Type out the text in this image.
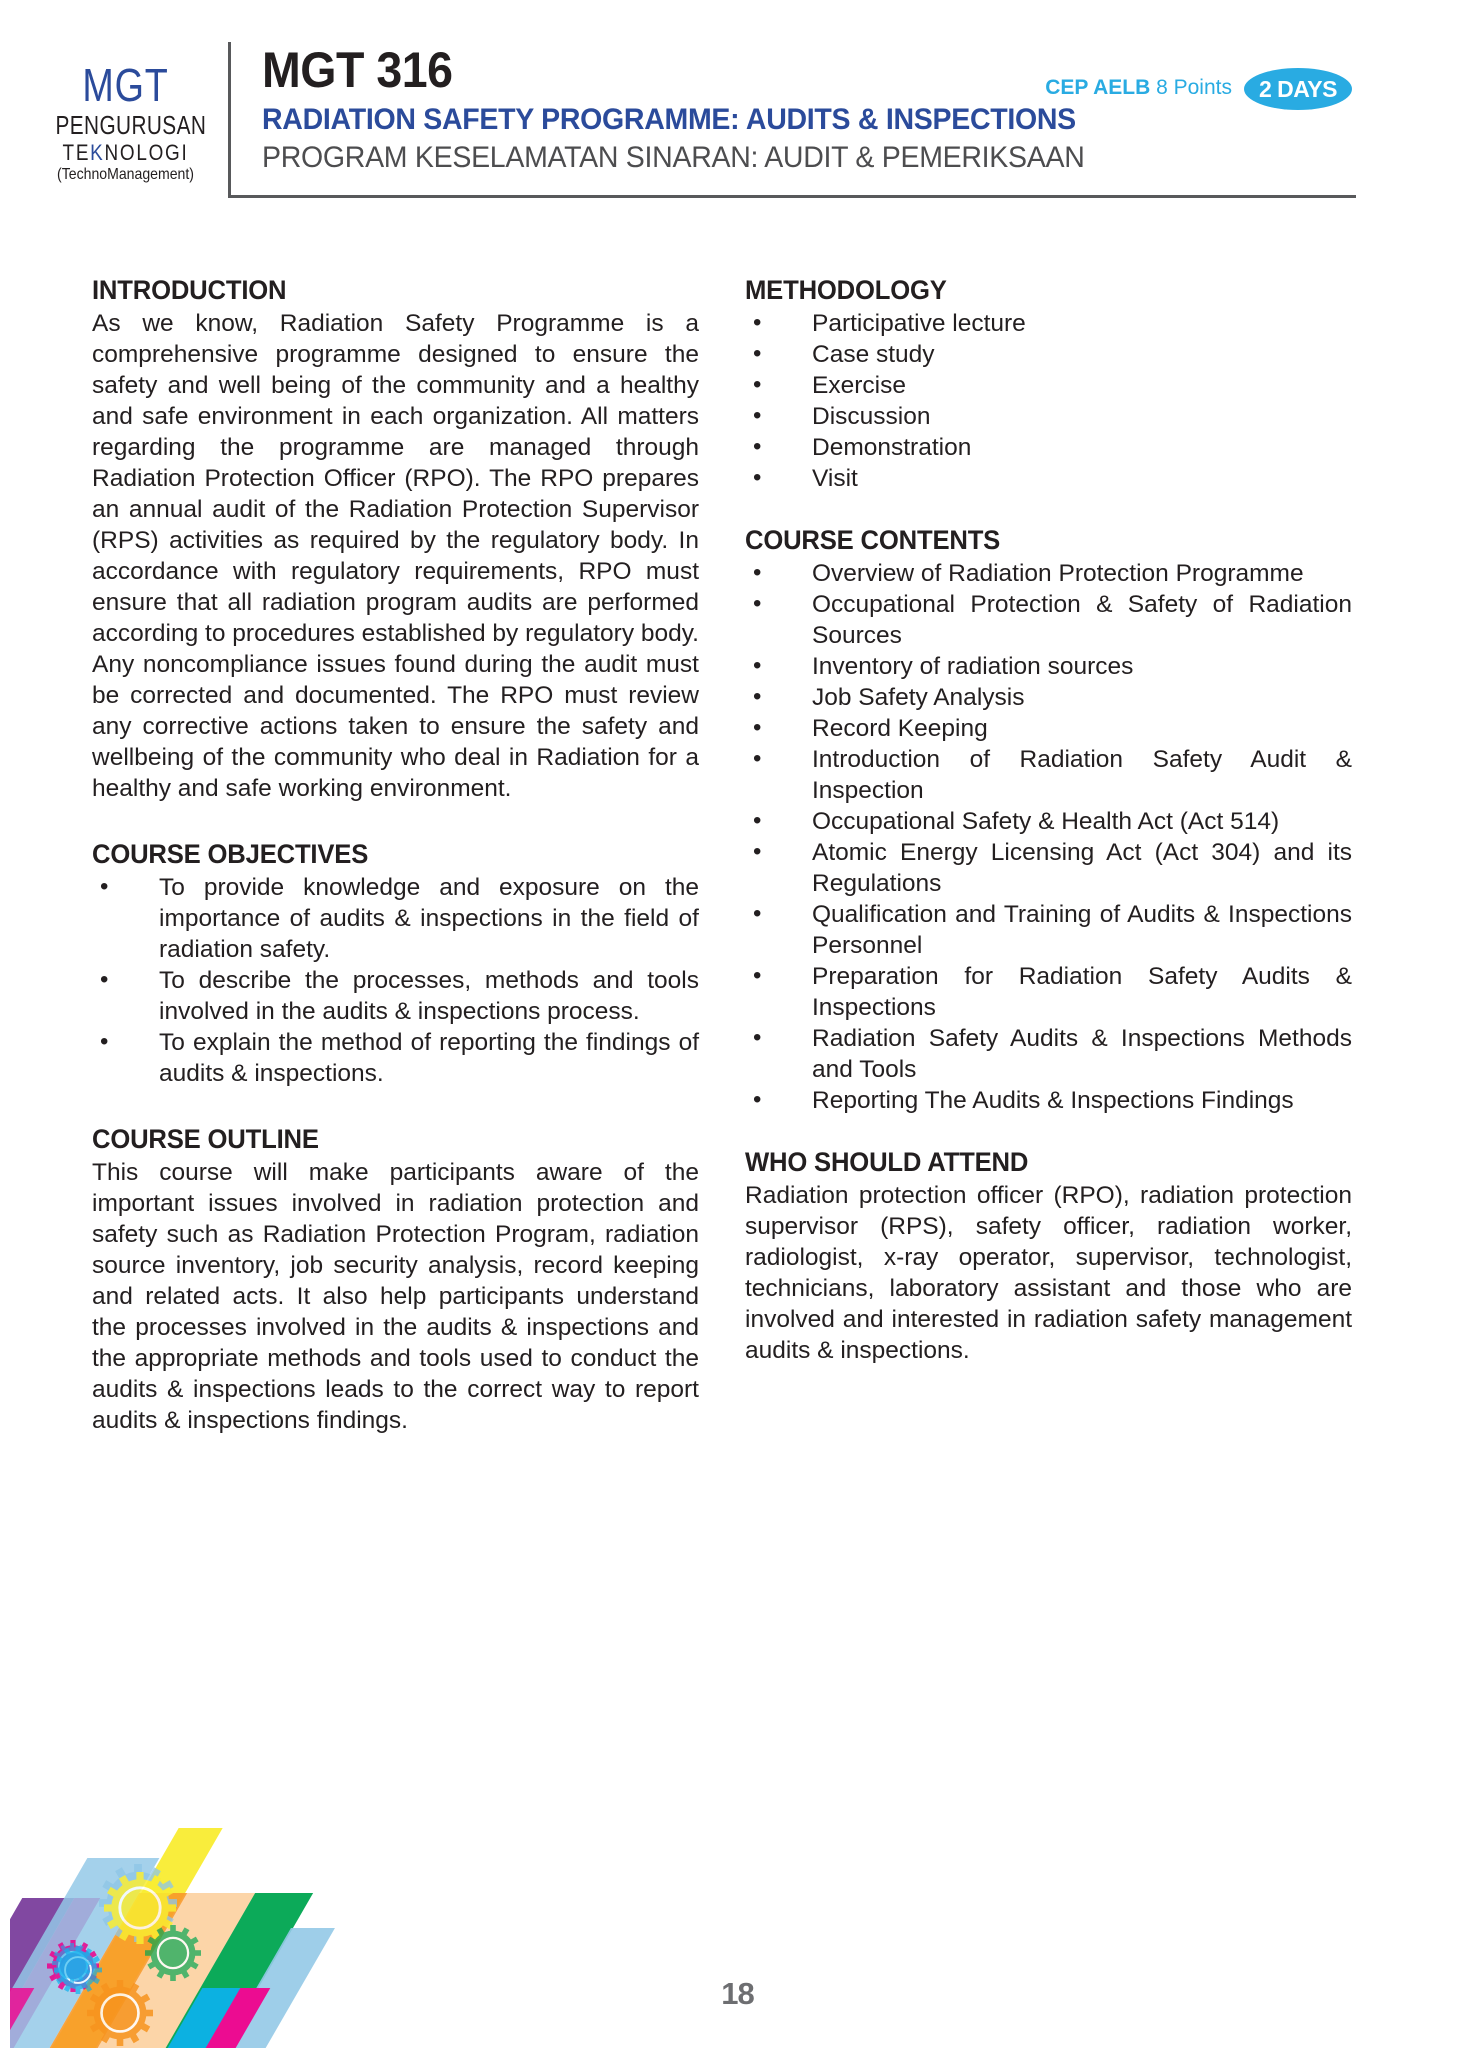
MGT
PENGURUSAN
TEKNOLOGI
(TechnoManagement)
MGT 316
RADIATION SAFETY PROGRAMME: AUDITS & INSPECTIONS
PROGRAM KESELAMATAN SINARAN: AUDIT & PEMERIKSAAN
CEP AELB 8 Points	2 DAYS
INTRODUCTION

As we know, Radiation Safety Programme is a comprehensive programme designed to ensure the safety and well being of the community and a healthy and safe environment in each organization. All matters regarding the programme are managed through Radiation Protection Officer (RPO). The RPO prepares an annual audit of the Radiation Protection Supervisor (RPS) activities as required by the regulatory body. In accordance with regulatory requirements, RPO must ensure that all radiation program audits are performed according to procedures established by regulatory body. Any noncompliance issues found during the audit must be corrected and documented. The RPO must review any corrective actions taken to ensure the safety and wellbeing of the community who deal in Radiation for a healthy and safe working environment.

COURSE OBJECTIVES
• To provide knowledge and exposure on the importance of audits & inspections in the field of radiation safety.
• To describe the processes, methods and tools involved in the audits & inspections process.
• To explain the method of reporting the findings of audits & inspections.
COURSE OUTLINE

This course will make participants aware of the important issues involved in radiation protection and safety such as Radiation Protection Program, radiation source inventory, job security analysis, record keeping and related acts. It also help participants understand the processes involved in the audits & inspections and the appropriate methods and tools used to conduct the audits & inspections leads to the correct way to report audits & inspections findings.

METHODOLOGY
• Participative lecture
• Case study
• Exercise
• Discussion
• Demonstration
• Visit
COURSE CONTENTS
• Overview of Radiation Protection Programme
• Occupational Protection & Safety of Radiation Sources
• Inventory of radiation sources
• Job Safety Analysis
• Record Keeping
• Introduction of Radiation Safety Audit & Inspection
• Occupational Safety & Health Act (Act 514)
• Atomic Energy Licensing Act (Act 304) and its Regulations
• Qualification and Training of Audits & Inspections Personnel
• Preparation for Radiation Safety Audits & Inspections
• Radiation Safety Audits & Inspections Methods and Tools
• Reporting The Audits & Inspections Findings
WHO SHOULD ATTEND

Radiation protection officer (RPO), radiation protection supervisor (RPS), safety officer, radiation worker, radiologist, x-ray operator, supervisor, technologist, technicians, laboratory assistant and those who are involved and interested in radiation safety management audits & inspections.

18
